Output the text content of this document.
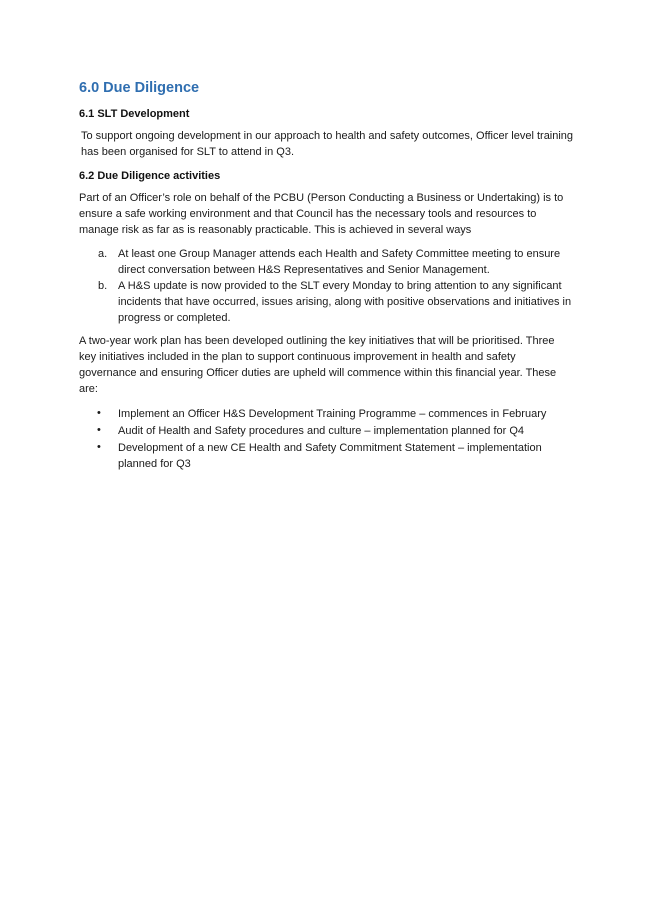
6.0 Due Diligence
6.1 SLT Development

To support ongoing development in our approach to health and safety outcomes, Officer level training has been organised for SLT to attend in Q3.

6.2 Due Diligence activities

Part of an Officer’s role on behalf of the PCBU (Person Conducting a Business or Undertaking) is to ensure a safe working environment and that Council has the necessary tools and resources to manage risk as far as is reasonably practicable. This is achieved in several ways

a. At least one Group Manager attends each Health and Safety Committee meeting to ensure direct conversation between H&S Representatives and Senior Management.
b. A H&S update is now provided to the SLT every Monday to bring attention to any significant incidents that have occurred, issues arising, along with positive observations and initiatives in progress or completed.

A two-year work plan has been developed outlining the key initiatives that will be prioritised. Three key initiatives included in the plan to support continuous improvement in health and safety governance and ensuring Officer duties are upheld will commence within this financial year. These are:

• Implement an Officer H&S Development Training Programme – commences in February
• Audit of Health and Safety procedures and culture – implementation planned for Q4
• Development of a new CE Health and Safety Commitment Statement – implementation planned for Q3
